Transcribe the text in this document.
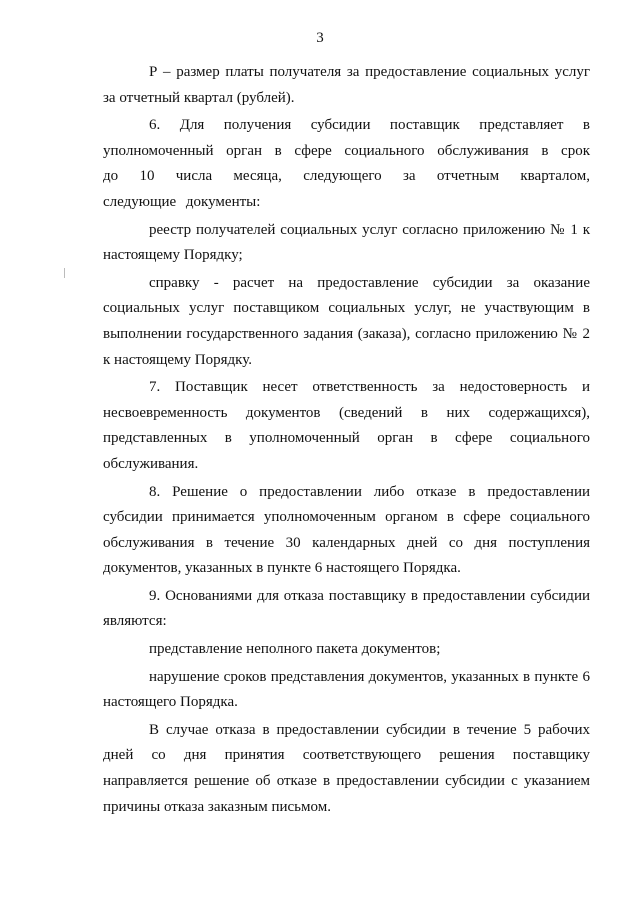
3

Р – размер платы получателя за предоставление социальных услуг за отчетный квартал (рублей).

6. Для получения субсидии поставщик представляет в уполномоченный орган в сфере социального обслуживания в срок до 10 числа месяца, следующего за отчетным кварталом, следующие документы:

реестр получателей социальных услуг согласно приложению № 1 к настоящему Порядку;

справку - расчет на предоставление субсидии за оказание социальных услуг поставщиком социальных услуг, не участвующим в выполнении государственного задания (заказа), согласно приложению № 2 к настоящему Порядку.

7. Поставщик несет ответственность за недостоверность и несвоевременность документов (сведений в них содержащихся), представленных в уполномоченный орган в сфере социального обслуживания.

8. Решение о предоставлении либо отказе в предоставлении субсидии принимается уполномоченным органом в сфере социального обслуживания в течение 30 календарных дней со дня поступления документов, указанных в пункте 6 настоящего Порядка.

9. Основаниями для отказа поставщику в предоставлении субсидии являются:

представление неполного пакета документов;

нарушение сроков представления документов, указанных в пункте 6 настоящего Порядка.

В случае отказа в предоставлении субсидии в течение 5 рабочих дней со дня принятия соответствующего решения поставщику направляется решение об отказе в предоставлении субсидии с указанием причины отказа заказным письмом.
